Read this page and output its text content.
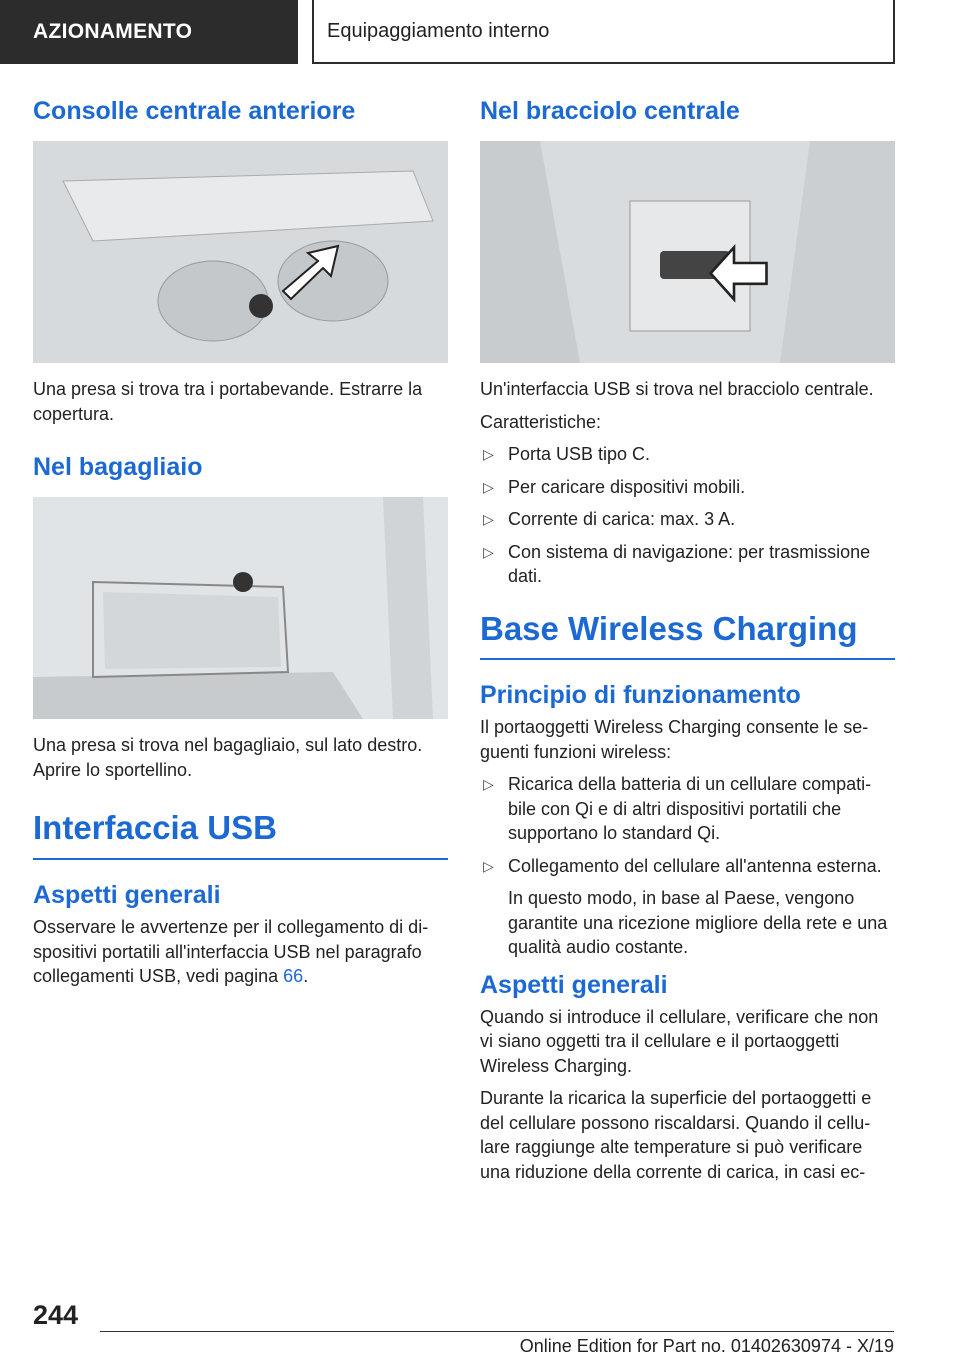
AZIONAMENTO	Equipaggiamento interno
Consolle centrale anteriore

Una presa si trova tra i portabevande. Estrarre la copertura.

Nel bagagliaio

Una presa si trova nel bagagliaio, sul lato destro. Aprire lo sportellino.

Interfaccia USB
Aspetti generali

Osservare le avvertenze per il collegamento di di-spositivi portatili all'interfaccia USB nel paragrafo collegamenti USB, vedi pagina 66.

Nel bracciolo centrale

Un'interfaccia USB si trova nel bracciolo centrale.

Caratteristiche:

▷ Porta USB tipo C.
▷ Per caricare dispositivi mobili.
▷ Corrente di carica: max. 3 A.
▷ Con sistema di navigazione: per trasmissione dati.
Base Wireless Charging
Principio di funzionamento

Il portaoggetti Wireless Charging consente le se-guenti funzioni wireless:

▷ Ricarica della batteria di un cellulare compati-bile con Qi e di altri dispositivi portatili che supportano lo standard Qi.
▷ Collegamento del cellulare all'antenna esterna.
In questo modo, in base al Paese, vengono garantite una ricezione migliore della rete e una qualità audio costante.
Aspetti generali

Quando si introduce il cellulare, verificare che non vi siano oggetti tra il cellulare e il portaoggetti Wireless Charging.

Durante la ricarica la superficie del portaoggetti e del cellulare possono riscaldarsi. Quando il cellu-lare raggiunge alte temperature si può verificare una riduzione della corrente di carica, in casi ec-

244
Online Edition for Part no. 01402630974 - X/19
